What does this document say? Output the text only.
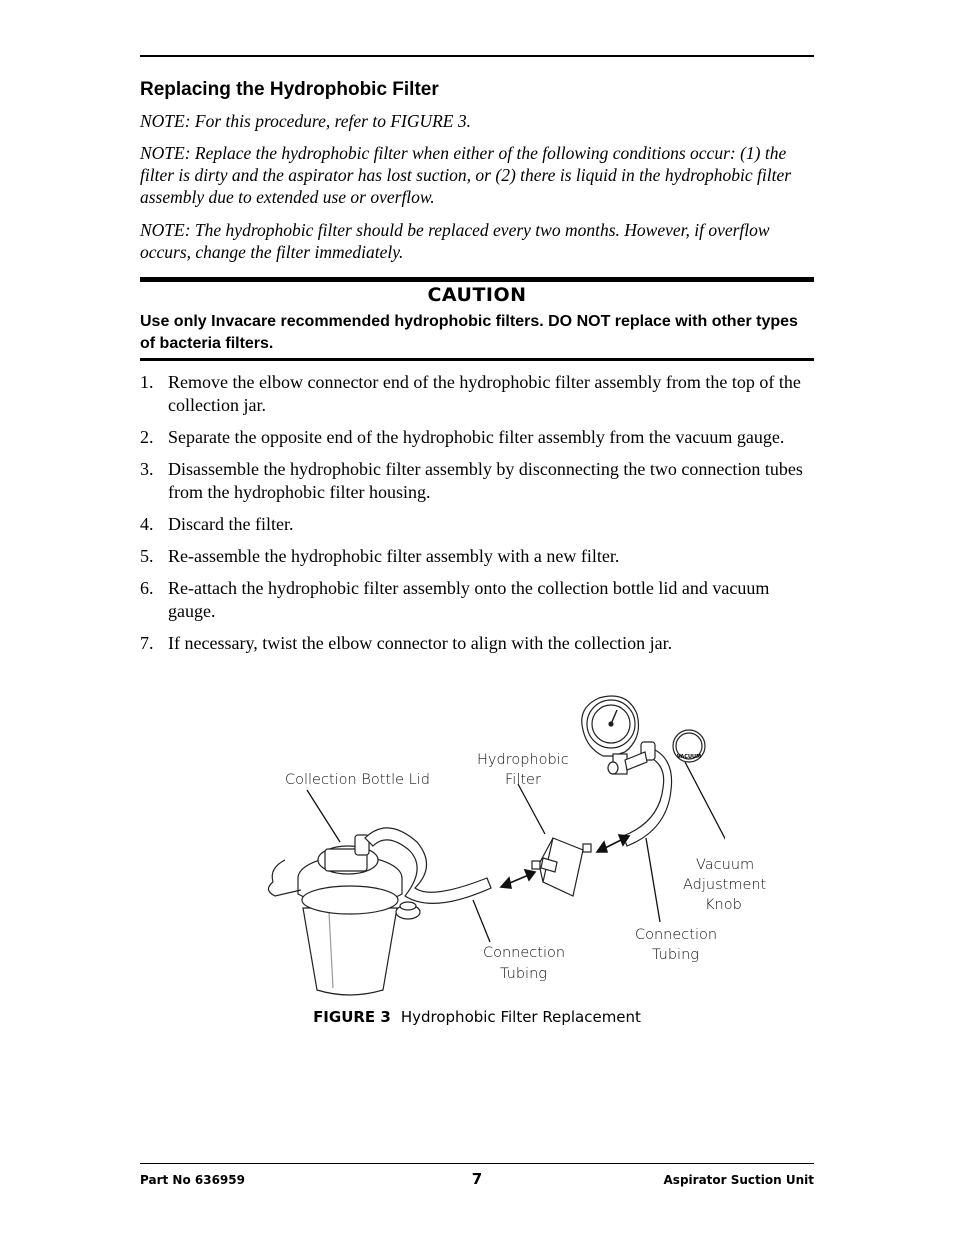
Replacing the Hydrophobic Filter
NOTE: For this procedure, refer to FIGURE 3.
NOTE: Replace the hydrophobic filter when either of the following conditions occur: (1) the filter is dirty and the aspirator has lost suction, or (2) there is liquid in the hydrophobic filter assembly due to extended use or overflow.
NOTE: The hydrophobic filter should be replaced every two months. However, if overflow occurs, change the filter immediately.
CAUTION
Use only Invacare recommended hydrophobic filters. DO NOT replace with other types of bacteria filters.
1. Remove the elbow connector end of the hydrophobic filter assembly from the top of the collection jar.
2. Separate the opposite end of the hydrophobic filter assembly from the vacuum gauge.
3. Disassemble the hydrophobic filter assembly by disconnecting the two connection tubes from the hydrophobic filter housing.
4. Discard the filter.
5. Re-assemble the hydrophobic filter assembly with a new filter.
6. Re-attach the hydrophobic filter assembly onto the collection bottle lid and vacuum gauge.
7. If necessary, twist the elbow connector to align with the collection jar.
VACUUM
Collection Bottle Lid
Hydrophobic
Filter
Connection
Tubing
Connection
Tubing
Vacuum
Adjustment
Knob
FIGURE 3 Hydrophobic Filter Replacement
Part No 636959	7	Aspirator Suction Unit
